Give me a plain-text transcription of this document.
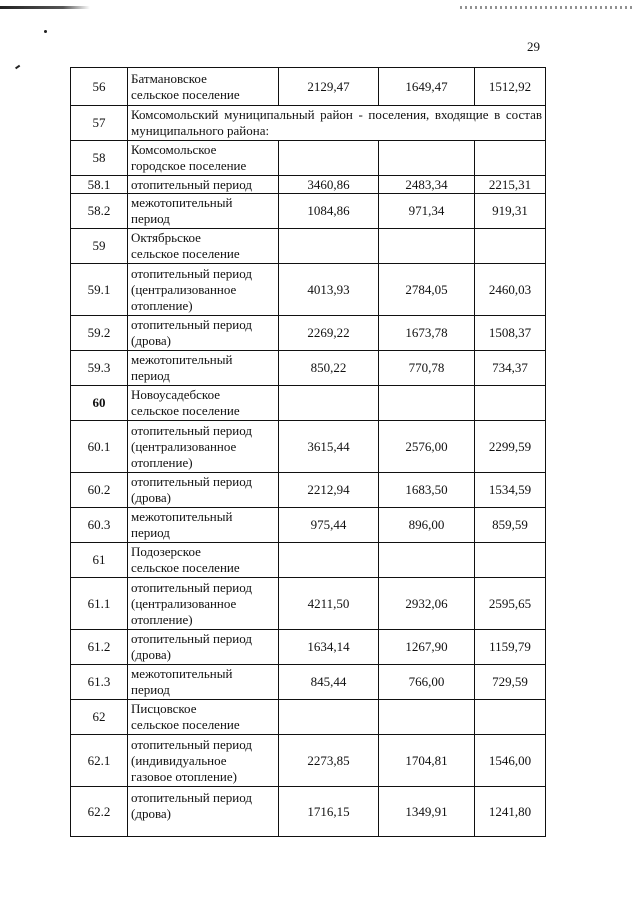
29
56	Батмановское
сельское поселение	2129,47	1649,47	1512,92
57	Комсомольский муниципальный район - поселения, входящие в состав муниципального района:			
58	Комсомольское
городское поселение			
58.1	отопительный период	3460,86	2483,34	2215,31
58.2	межотопительный
период	1084,86	971,34	919,31
59	Октябрьское
сельское поселение			
59.1	отопительный период
(централизованное
отопление)	4013,93	2784,05	2460,03
59.2	отопительный период
(дрова)	2269,22	1673,78	1508,37
59.3	межотопительный
период	850,22	770,78	734,37
60	Новоусадебское
сельское поселение			
60.1	отопительный период
(централизованное
отопление)	3615,44	2576,00	2299,59
60.2	отопительный период
(дрова)	2212,94	1683,50	1534,59
60.3	межотопительный
период	975,44	896,00	859,59
61	Подозерское
сельское поселение			
61.1	отопительный период
(централизованное
отопление)	4211,50	2932,06	2595,65
61.2	отопительный период
(дрова)	1634,14	1267,90	1159,79
61.3	межотопительный
период	845,44	766,00	729,59
62	Писцовское
сельское поселение			
62.1	отопительный период
(индивидуальное
газовое отопление)	2273,85	1704,81	1546,00
62.2	отопительный период
(дрова)	1716,15	1349,91	1241,80
